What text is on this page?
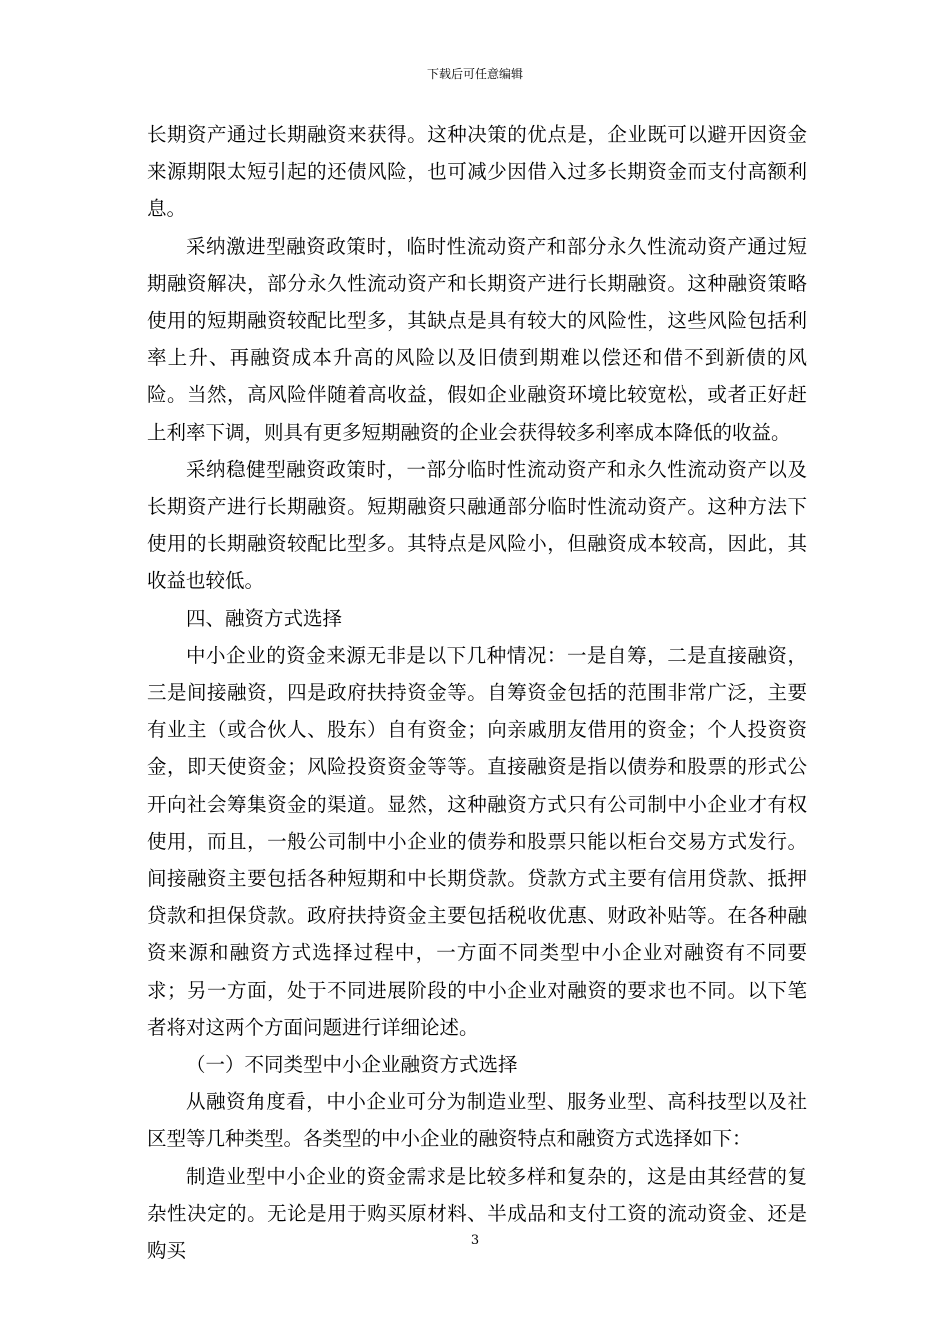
下载后可任意编辑

长期资产通过长期融资来获得。这种决策的优点是，企业既可以避开因资金来源期限太短引起的还债风险，也可减少因借入过多长期资金而支付高额利息。

采纳激进型融资政策时，临时性流动资产和部分永久性流动资产通过短期融资解决，部分永久性流动资产和长期资产进行长期融资。这种融资策略使用的短期融资较配比型多，其缺点是具有较大的风险性，这些风险包括利率上升、再融资成本升高的风险以及旧债到期难以偿还和借不到新债的风险。当然，高风险伴随着高收益，假如企业融资环境比较宽松，或者正好赶上利率下调，则具有更多短期融资的企业会获得较多利率成本降低的收益。

采纳稳健型融资政策时，一部分临时性流动资产和永久性流动资产以及长期资产进行长期融资。短期融资只融通部分临时性流动资产。这种方法下使用的长期融资较配比型多。其特点是风险小，但融资成本较高，因此，其收益也较低。

四、融资方式选择

中小企业的资金来源无非是以下几种情况：一是自筹，二是直接融资，三是间接融资，四是政府扶持资金等。自筹资金包括的范围非常广泛，主要有业主（或合伙人、股东）自有资金；向亲戚朋友借用的资金；个人投资资金，即天使资金；风险投资资金等等。直接融资是指以债券和股票的形式公开向社会筹集资金的渠道。显然，这种融资方式只有公司制中小企业才有权使用，而且，一般公司制中小企业的债券和股票只能以柜台交易方式发行。间接融资主要包括各种短期和中长期贷款。贷款方式主要有信用贷款、抵押贷款和担保贷款。政府扶持资金主要包括税收优惠、财政补贴等。在各种融资来源和融资方式选择过程中，一方面不同类型中小企业对融资有不同要求；另一方面，处于不同进展阶段的中小企业对融资的要求也不同。以下笔者将对这两个方面问题进行详细论述。

（一）不同类型中小企业融资方式选择

从融资角度看，中小企业可分为制造业型、服务业型、高科技型以及社区型等几种类型。各类型的中小企业的融资特点和融资方式选择如下：

制造业型中小企业的资金需求是比较多样和复杂的，这是由其经营的复杂性决定的。无论是用于购买原材料、半成品和支付工资的流动资金、还是购买	3
